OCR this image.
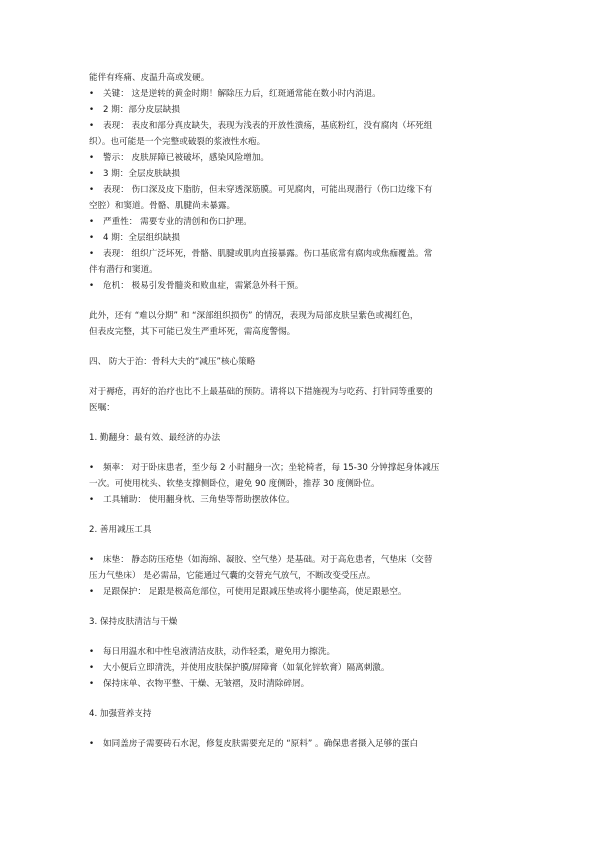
能伴有疼痛、皮温升高或发硬。
• 关键： 这是逆转的黄金时期！解除压力后，红斑通常能在数小时内消退。
• 2 期：部分皮层缺损
• 表现： 表皮和部分真皮缺失，表现为浅表的开放性溃疡，基底粉红，没有腐肉（坏死组
织）。也可能是一个完整或破裂的浆液性水疱。
• 警示： 皮肤屏障已被破坏，感染风险增加。
• 3 期：全层皮肤缺损
• 表现： 伤口深及皮下脂肪，但未穿透深筋膜。可见腐肉，可能出现潜行（伤口边缘下有
空腔）和窦道。骨骼、肌腱尚未暴露。
• 严重性： 需要专业的清创和伤口护理。
• 4 期：全层组织缺损
• 表现： 组织广泛坏死，骨骼、肌腱或肌肉直接暴露。伤口基底常有腐肉或焦痂覆盖。常
伴有潜行和窦道。
• 危机： 极易引发骨髓炎和败血症，需紧急外科干预。
此外，还有 “难以分期” 和 “深部组织损伤” 的情况，表现为局部皮肤呈紫色或褐红色，
但表皮完整，其下可能已发生严重坏死，需高度警惕。
四、 防大于治：骨科大夫的“减压”核心策略
对于褥疮，再好的治疗也比不上最基础的预防。请将以下措施视为与吃药、打针同等重要的
医嘱：
1. 勤翻身：最有效、最经济的办法
• 频率： 对于卧床患者，至少每 2 小时翻身一次；坐轮椅者，每 15-30 分钟撑起身体减压
一次。可使用枕头、软垫支撑侧卧位，避免 90 度侧卧，推荐 30 度侧卧位。
• 工具辅助： 使用翻身枕、三角垫等帮助摆放体位。
2. 善用减压工具
• 床垫： 静态防压疮垫（如海绵、凝胶、空气垫）是基础。对于高危患者，气垫床（交替
压力气垫床） 是必需品，它能通过气囊的交替充气放气，不断改变受压点。
• 足跟保护： 足跟是极高危部位，可使用足跟减压垫或将小腿垫高，使足跟悬空。
3. 保持皮肤清洁与干燥
• 每日用温水和中性皂液清洁皮肤，动作轻柔，避免用力擦洗。
• 大小便后立即清洗，并使用皮肤保护膜/屏障膏（如氧化锌软膏）隔离刺激。
• 保持床单、衣物平整、干燥、无皱褶，及时清除碎屑。
4. 加强营养支持
• 如同盖房子需要砖石水泥，修复皮肤需要充足的 “原料” 。确保患者摄入足够的蛋白
